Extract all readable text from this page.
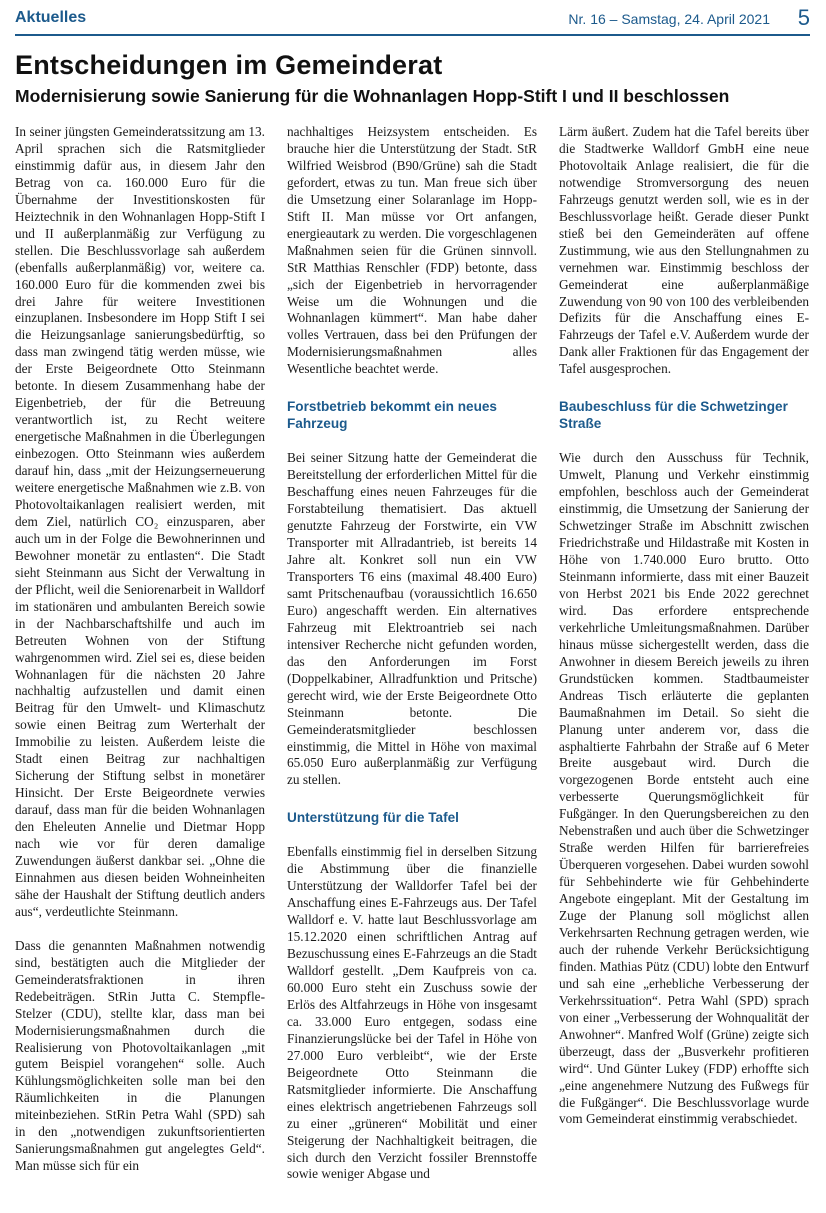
Aktuelles	Nr. 16 – Samstag, 24. April 2021 5
Entscheidungen im Gemeinderat
Modernisierung sowie Sanierung für die Wohnanlagen Hopp-Stift I und II beschlossen

In seiner jüngsten Gemeinderatssitzung am 13. April sprachen sich die Ratsmitglieder einstimmig dafür aus, in diesem Jahr den Betrag von ca. 160.000 Euro für die Übernahme der Investitionskosten für Heiztechnik in den Wohnanlagen Hopp-Stift I und II außerplanmäßig zur Verfügung zu stellen. Die Beschlussvorlage sah außerdem (ebenfalls außerplanmäßig) vor, weitere ca. 160.000 Euro für die kommenden zwei bis drei Jahre für weitere Investitionen einzuplanen. Insbesondere im Hopp Stift I sei die Heizungsanlage sanierungsbedürftig, so dass man zwingend tätig werden müsse, wie der Erste Beigeordnete Otto Steinmann betonte. In diesem Zusammenhang habe der Eigenbetrieb, der für die Betreuung verantwortlich ist, zu Recht weitere energetische Maßnahmen in die Überlegungen einbezogen. Otto Steinmann wies außerdem darauf hin, dass „mit der Heizungserneuerung weitere energetische Maßnahmen wie z.B. von Photovoltaikanlagen realisiert werden, mit dem Ziel, natürlich CO₂ einzusparen, aber auch um in der Folge die Bewohnerinnen und Bewohner monetär zu entlasten“. Die Stadt sieht Steinmann aus Sicht der Verwaltung in der Pflicht, weil die Seniorenarbeit in Walldorf im stationären und ambulanten Bereich sowie in der Nachbarschaftshilfe und auch im Betreuten Wohnen von der Stiftung wahrgenommen wird. Ziel sei es, diese beiden Wohnanlagen für die nächsten 20 Jahre nachhaltig aufzustellen und damit einen Beitrag für den Umwelt- und Klimaschutz sowie einen Beitrag zum Werterhalt der Immobilie zu leisten. Außerdem leiste die Stadt einen Beitrag zur nachhaltigen Sicherung der Stiftung selbst in monetärer Hinsicht. Der Erste Beigeordnete verwies darauf, dass man für die beiden Wohnanlagen den Eheleuten Annelie und Dietmar Hopp nach wie vor für deren damalige Zuwendungen äußerst dankbar sei. „Ohne die Einnahmen aus diesen beiden Wohneinheiten sähe der Haushalt der Stiftung deutlich anders aus“, verdeutlichte Steinmann.

Dass die genannten Maßnahmen notwendig sind, bestätigten auch die Mitglieder der Gemeinderatsfraktionen in ihren Redebeiträgen. StRin Jutta C. Stempfle-Stelzer (CDU), stellte klar, dass man bei Modernisierungsmaßnahmen durch die Realisierung von Photovoltaikanlagen „mit gutem Beispiel vorangehen“ solle. Auch Kühlungsmöglichkeiten solle man bei den Räumlichkeiten in die Planungen miteinbeziehen. StRin Petra Wahl (SPD) sah in den „notwendigen zukunftsorientierten Sanierungsmaßnahmen gut angelegtes Geld“. Man müsse sich für ein

nachhaltiges Heizsystem entscheiden. Es brauche hier die Unterstützung der Stadt. StR Wilfried Weisbrod (B90/Grüne) sah die Stadt gefordert, etwas zu tun. Man freue sich über die Umsetzung einer Solaranlage im Hopp-Stift II. Man müsse vor Ort anfangen, energieautark zu werden. Die vorgeschlagenen Maßnahmen seien für die Grünen sinnvoll. StR Matthias Renschler (FDP) betonte, dass „sich der Eigenbetrieb in hervorragender Weise um die Wohnungen und die Wohnanlagen kümmert“. Man habe daher volles Vertrauen, dass bei den Prüfungen der Modernisierungsmaßnahmen alles Wesentliche beachtet werde.

Forstbetrieb bekommt ein neues Fahrzeug

Bei seiner Sitzung hatte der Gemeinderat die Bereitstellung der erforderlichen Mittel für die Beschaffung eines neuen Fahrzeuges für die Forstabteilung thematisiert. Das aktuell genutzte Fahrzeug der Forstwirte, ein VW Transporter mit Allradantrieb, ist bereits 14 Jahre alt. Konkret soll nun ein VW Transporters T6 eins (maximal 48.400 Euro) samt Pritschenaufbau (voraussichtlich 16.650 Euro) angeschafft werden. Ein alternatives Fahrzeug mit Elektroantrieb sei nach intensiver Recherche nicht gefunden worden, das den Anforderungen im Forst (Doppelkabiner, Allradfunktion und Pritsche) gerecht wird, wie der Erste Beigeordnete Otto Steinmann betonte. Die Gemeinderatsmitglieder beschlossen einstimmig, die Mittel in Höhe von maximal 65.050 Euro außerplanmäßig zur Verfügung zu stellen.

Unterstützung für die Tafel

Ebenfalls einstimmig fiel in derselben Sitzung die Abstimmung über die finanzielle Unterstützung der Walldorfer Tafel bei der Anschaffung eines E-Fahrzeugs aus. Der Tafel Walldorf e. V. hatte laut Beschlussvorlage am 15.12.2020 einen schriftlichen Antrag auf Bezuschussung eines E-Fahrzeugs an die Stadt Walldorf gestellt. „Dem Kaufpreis von ca. 60.000 Euro steht ein Zuschuss sowie der Erlös des Altfahrzeugs in Höhe von insgesamt ca. 33.000 Euro entgegen, sodass eine Finanzierungslücke bei der Tafel in Höhe von 27.000 Euro verbleibt“, wie der Erste Beigeordnete Otto Steinmann die Ratsmitglieder informierte. Die Anschaffung eines elektrisch angetriebenen Fahrzeugs soll zu einer „grüneren“ Mobilität und einer Steigerung der Nachhaltigkeit beitragen, die sich durch den Verzicht fossiler Brennstoffe sowie weniger Abgase und

Lärm äußert. Zudem hat die Tafel bereits über die Stadtwerke Walldorf GmbH eine neue Photovoltaik Anlage realisiert, die für die notwendige Stromversorgung des neuen Fahrzeugs genutzt werden soll, wie es in der Beschlussvorlage heißt. Gerade dieser Punkt stieß bei den Gemeinderäten auf offene Zustimmung, wie aus den Stellungnahmen zu vernehmen war. Einstimmig beschloss der Gemeinderat eine außerplanmäßige Zuwendung von 90 von 100 des verbleibenden Defizits für die Anschaffung eines E-Fahrzeugs der Tafel e.V. Außerdem wurde der Dank aller Fraktionen für das Engagement der Tafel ausgesprochen.

Baubeschluss für die Schwetzinger Straße

Wie durch den Ausschuss für Technik, Umwelt, Planung und Verkehr einstimmig empfohlen, beschloss auch der Gemeinderat einstimmig, die Umsetzung der Sanierung der Schwetzinger Straße im Abschnitt zwischen Friedrichstraße und Hildastraße mit Kosten in Höhe von 1.740.000 Euro brutto. Otto Steinmann informierte, dass mit einer Bauzeit von Herbst 2021 bis Ende 2022 gerechnet wird. Das erfordere entsprechende verkehrliche Umleitungsmaßnahmen. Darüber hinaus müsse sichergestellt werden, dass die Anwohner in diesem Bereich jeweils zu ihren Grundstücken kommen. Stadtbaumeister Andreas Tisch erläuterte die geplanten Baumaßnahmen im Detail. So sieht die Planung unter anderem vor, dass die asphaltierte Fahrbahn der Straße auf 6 Meter Breite ausgebaut wird. Durch die vorgezogenen Borde entsteht auch eine verbesserte Querungsmöglichkeit für Fußgänger. In den Querungsbereichen zu den Nebenstraßen und auch über die Schwetzinger Straße werden Hilfen für barrierefreies Überqueren vorgesehen. Dabei wurden sowohl für Sehbehinderte wie für Gehbehinderte Angebote eingeplant. Mit der Gestaltung im Zuge der Planung soll möglichst allen Verkehrsarten Rechnung getragen werden, wie auch der ruhende Verkehr Berücksichtigung finden. Mathias Pütz (CDU) lobte den Entwurf und sah eine „erhebliche Verbesserung der Verkehrssituation“. Petra Wahl (SPD) sprach von einer „Verbesserung der Wohnqualität der Anwohner“. Manfred Wolf (Grüne) zeigte sich überzeugt, dass der „Busverkehr profitieren wird“. Und Günter Lukey (FDP) erhoffte sich „eine angenehmere Nutzung des Fußwegs für die Fußgänger“. Die Beschlussvorlage wurde vom Gemeinderat einstimmig verabschiedet.
